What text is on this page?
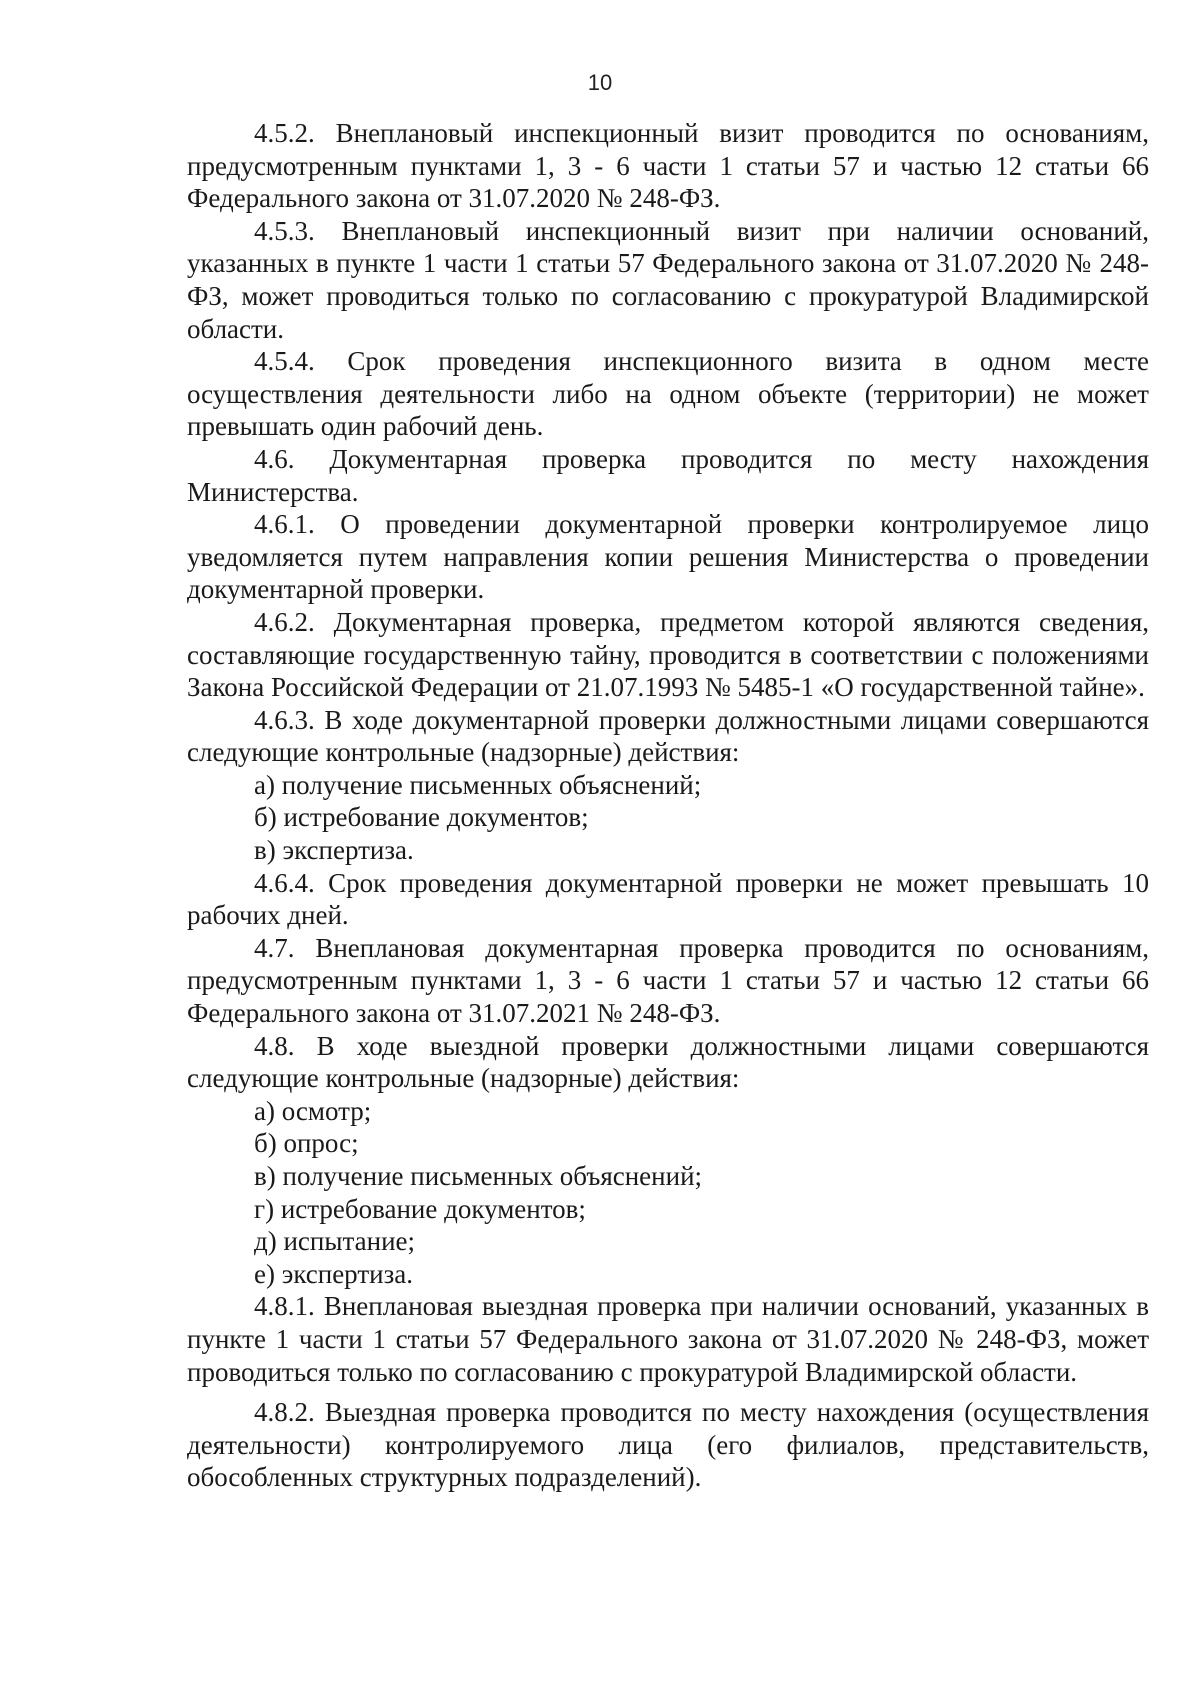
10

4.5.2. Внеплановый инспекционный визит проводится по основаниям, предусмотренным пунктами 1, 3 - 6 части 1 статьи 57 и частью 12 статьи 66 Федерального закона от 31.07.2020 № 248-ФЗ.

4.5.3. Внеплановый инспекционный визит при наличии оснований, указанных в пункте 1 части 1 статьи 57 Федерального закона от 31.07.2020 № 248-ФЗ, может проводиться только по согласованию с прокуратурой Владимирской области.

4.5.4. Срок проведения инспекционного визита в одном месте осуществления деятельности либо на одном объекте (территории) не может превышать один рабочий день.

4.6. Документарная проверка проводится по месту нахождения Министерства.

4.6.1. О проведении документарной проверки контролируемое лицо уведомляется путем направления копии решения Министерства о проведении документарной проверки.

4.6.2. Документарная проверка, предметом которой являются сведения, составляющие государственную тайну, проводится в соответствии с положениями Закона Российской Федерации от 21.07.1993 № 5485-1 «О государственной тайне».

4.6.3. В ходе документарной проверки должностными лицами совершаются следующие контрольные (надзорные) действия:

а) получение письменных объяснений;

б) истребование документов;

в) экспертиза.

4.6.4. Срок проведения документарной проверки не может превышать 10 рабочих дней.

4.7. Внеплановая документарная проверка проводится по основаниям, предусмотренным пунктами 1, 3 - 6 части 1 статьи 57 и частью 12 статьи 66 Федерального закона от 31.07.2021 № 248-ФЗ.

4.8. В ходе выездной проверки должностными лицами совершаются следующие контрольные (надзорные) действия:

а) осмотр;

б) опрос;

в) получение письменных объяснений;

г) истребование документов;

д) испытание;

е) экспертиза.

4.8.1. Внеплановая выездная проверка при наличии оснований, указанных в пункте 1 части 1 статьи 57 Федерального закона от 31.07.2020 № 248-ФЗ, может проводиться только по согласованию с прокуратурой Владимирской области.

4.8.2. Выездная проверка проводится по месту нахождения (осуществления деятельности) контролируемого лица (его филиалов, представительств, обособленных структурных подразделений).
